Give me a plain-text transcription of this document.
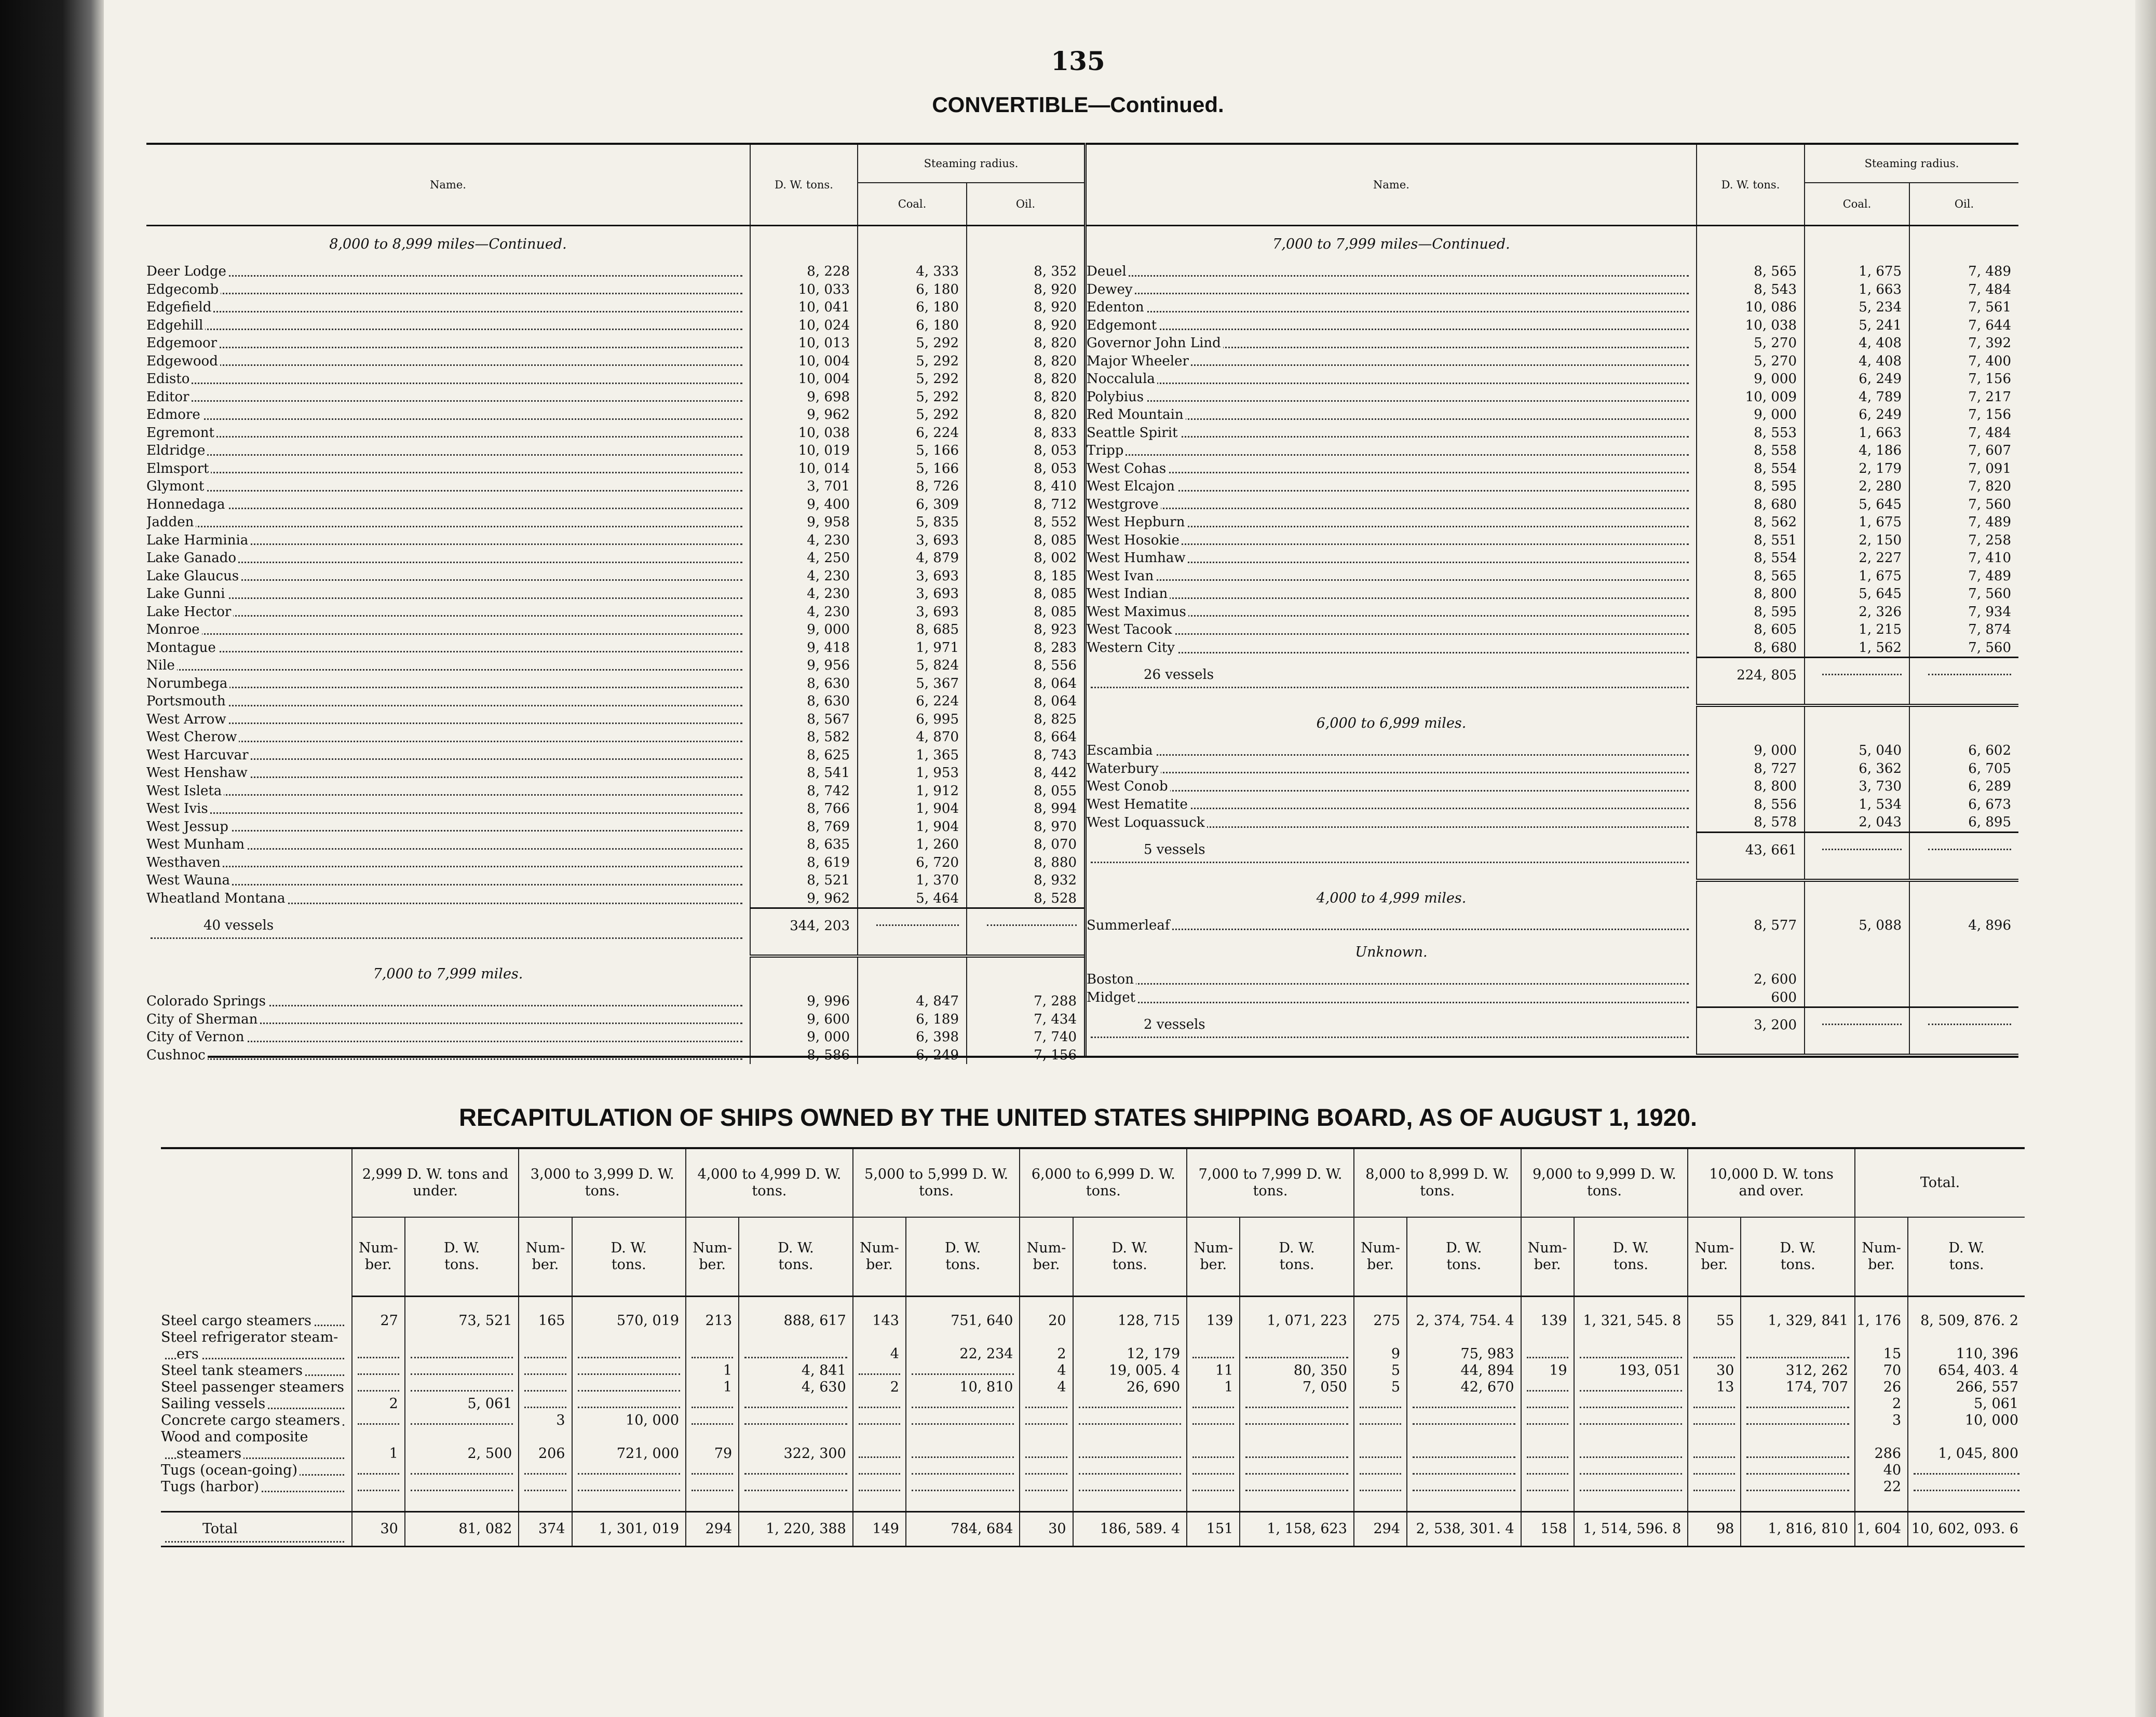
135
CONVERTIBLE—Continued.
Name.	D. W. tons.	Steaming radius.	
		Coal.	Oil.
8,000 to 8,999 miles—Continued.			

Deer Lodge	8, 228	4, 333	8, 352

Edgecomb	10, 033	6, 180	8, 920

Edgefield	10, 041	6, 180	8, 920

Edgehill	10, 024	6, 180	8, 920

Edgemoor	10, 013	5, 292	8, 820

Edgewood	10, 004	5, 292	8, 820

Edisto	10, 004	5, 292	8, 820

Editor	9, 698	5, 292	8, 820

Edmore	9, 962	5, 292	8, 820

Egremont	10, 038	6, 224	8, 833

Eldridge	10, 019	5, 166	8, 053

Elmsport	10, 014	5, 166	8, 053

Glymont	3, 701	8, 726	8, 410

Honnedaga	9, 400	6, 309	8, 712

Jadden	9, 958	5, 835	8, 552

Lake Harminia	4, 230	3, 693	8, 085

Lake Ganado	4, 250	4, 879	8, 002

Lake Glaucus	4, 230	3, 693	8, 185

Lake Gunni	4, 230	3, 693	8, 085

Lake Hector	4, 230	3, 693	8, 085

Monroe	9, 000	8, 685	8, 923

Montague	9, 418	1, 971	8, 283

Nile	9, 956	5, 824	8, 556

Norumbega	8, 630	5, 367	8, 064

Portsmouth	8, 630	6, 224	8, 064

West Arrow	8, 567	6, 995	8, 825

West Cherow	8, 582	4, 870	8, 664

West Harcuvar	8, 625	1, 365	8, 743

West Henshaw	8, 541	1, 953	8, 442

West Isleta	8, 742	1, 912	8, 055

West Ivis	8, 766	1, 904	8, 994

West Jessup	8, 769	1, 904	8, 970

West Munham	8, 635	1, 260	8, 070

Westhaven	8, 619	6, 720	8, 880

West Wauna	8, 521	1, 370	8, 932

Wheatland Montana	9, 962	5, 464	8, 528

40 vessels	344, 203		

7,000 to 7,999 miles.			

Colorado Springs	9, 996	4, 847	7, 288

City of Sherman	9, 600	6, 189	7, 434

City of Vernon	9, 000	6, 398	7, 740

Cushnoc	8, 586	6, 249	7, 156
Name.	D. W. tons.	Steaming radius.	
		Coal.	Oil.
7,000 to 7,999 miles—Continued.			

Deuel	8, 565	1, 675	7, 489

Dewey	8, 543	1, 663	7, 484

Edenton	10, 086	5, 234	7, 561

Edgemont	10, 038	5, 241	7, 644

Governor John Lind	5, 270	4, 408	7, 392

Major Wheeler	5, 270	4, 408	7, 400

Noccalula	9, 000	6, 249	7, 156

Polybius	10, 009	4, 789	7, 217

Red Mountain	9, 000	6, 249	7, 156

Seattle Spirit	8, 553	1, 663	7, 484

Tripp	8, 558	4, 186	7, 607

West Cohas	8, 554	2, 179	7, 091

West Elcajon	8, 595	2, 280	7, 820

Westgrove	8, 680	5, 645	7, 560

West Hepburn	8, 562	1, 675	7, 489

West Hosokie	8, 551	2, 150	7, 258

West Humhaw	8, 554	2, 227	7, 410

West Ivan	8, 565	1, 675	7, 489

West Indian	8, 800	5, 645	7, 560

West Maximus	8, 595	2, 326	7, 934

West Tacook	8, 605	1, 215	7, 874

Western City	8, 680	1, 562	7, 560

26 vessels	224, 805		

6,000 to 6,999 miles.			

Escambia	9, 000	5, 040	6, 602

Waterbury	8, 727	6, 362	6, 705

West Conob	8, 800	3, 730	6, 289

West Hematite	8, 556	1, 534	6, 673

West Loquassuck	8, 578	2, 043	6, 895

5 vessels	43, 661		

4,000 to 4,999 miles.			

Summerleaf	8, 577	5, 088	4, 896
Unknown.			

Boston	2, 600		

Midget	600		

2 vessels	3, 200		

RECAPITULATION OF SHIPS OWNED BY THE UNITED STATES SHIPPING BOARD, AS OF AUGUST 1, 1920.
	2,999 D. W. tons and under.		3,000 to 3,999 D. W. tons.		4,000 to 4,999 D. W. tons.		5,000 to 5,999 D. W. tons.		6,000 to 6,999 D. W. tons.		7,000 to 7,999 D. W. tons.		8,000 to 8,999 D. W. tons.		9,000 to 9,999 D. W. tons.		10,000 D. W. tons and over.		Total.	
	Num- ber.	D. W. tons.	Num- ber.	D. W. tons.	Num- ber.	D. W. tons.	Num- ber.	D. W. tons.	Num- ber.	D. W. tons.	Num- ber.	D. W. tons.	Num- ber.	D. W. tons.	Num- ber.	D. W. tons.	Num- ber.	D. W. tons.	Num- ber.	D. W. tons.

Steel cargo steamers	27	73, 521	165	570, 019	213	888, 617	143	751, 640	20	128, 715	139	1, 071, 223	275	2, 374, 754. 4	139	1, 321, 545. 8	55	1, 329, 841	1, 176	8, 509, 876. 2
Steel refrigerator steam-																				

ers							4	22, 234	2	12, 179			9	75, 983					15	110, 396

Steel tank steamers					1	4, 841			4	19, 005. 4	11	80, 350	5	44, 894	19	193, 051	30	312, 262	70	654, 403. 4

Steel passenger steamers					1	4, 630	2	10, 810	4	26, 690	1	7, 050	5	42, 670			13	174, 707	26	266, 557

Sailing vessels	2	5, 061																	2	5, 061

Concrete cargo steamers			3	10, 000															3	10, 000
Wood and composite																				

steamers	1	2, 500	206	721, 000	79	322, 300													286	1, 045, 800

Tugs (ocean-going)																			40	

Tugs (harbor)																			22	

Total	30	81, 082	374	1, 301, 019	294	1, 220, 388	149	784, 684	30	186, 589. 4	151	1, 158, 623	294	2, 538, 301. 4	158	1, 514, 596. 8	98	1, 816, 810	1, 604	10, 602, 093. 6
